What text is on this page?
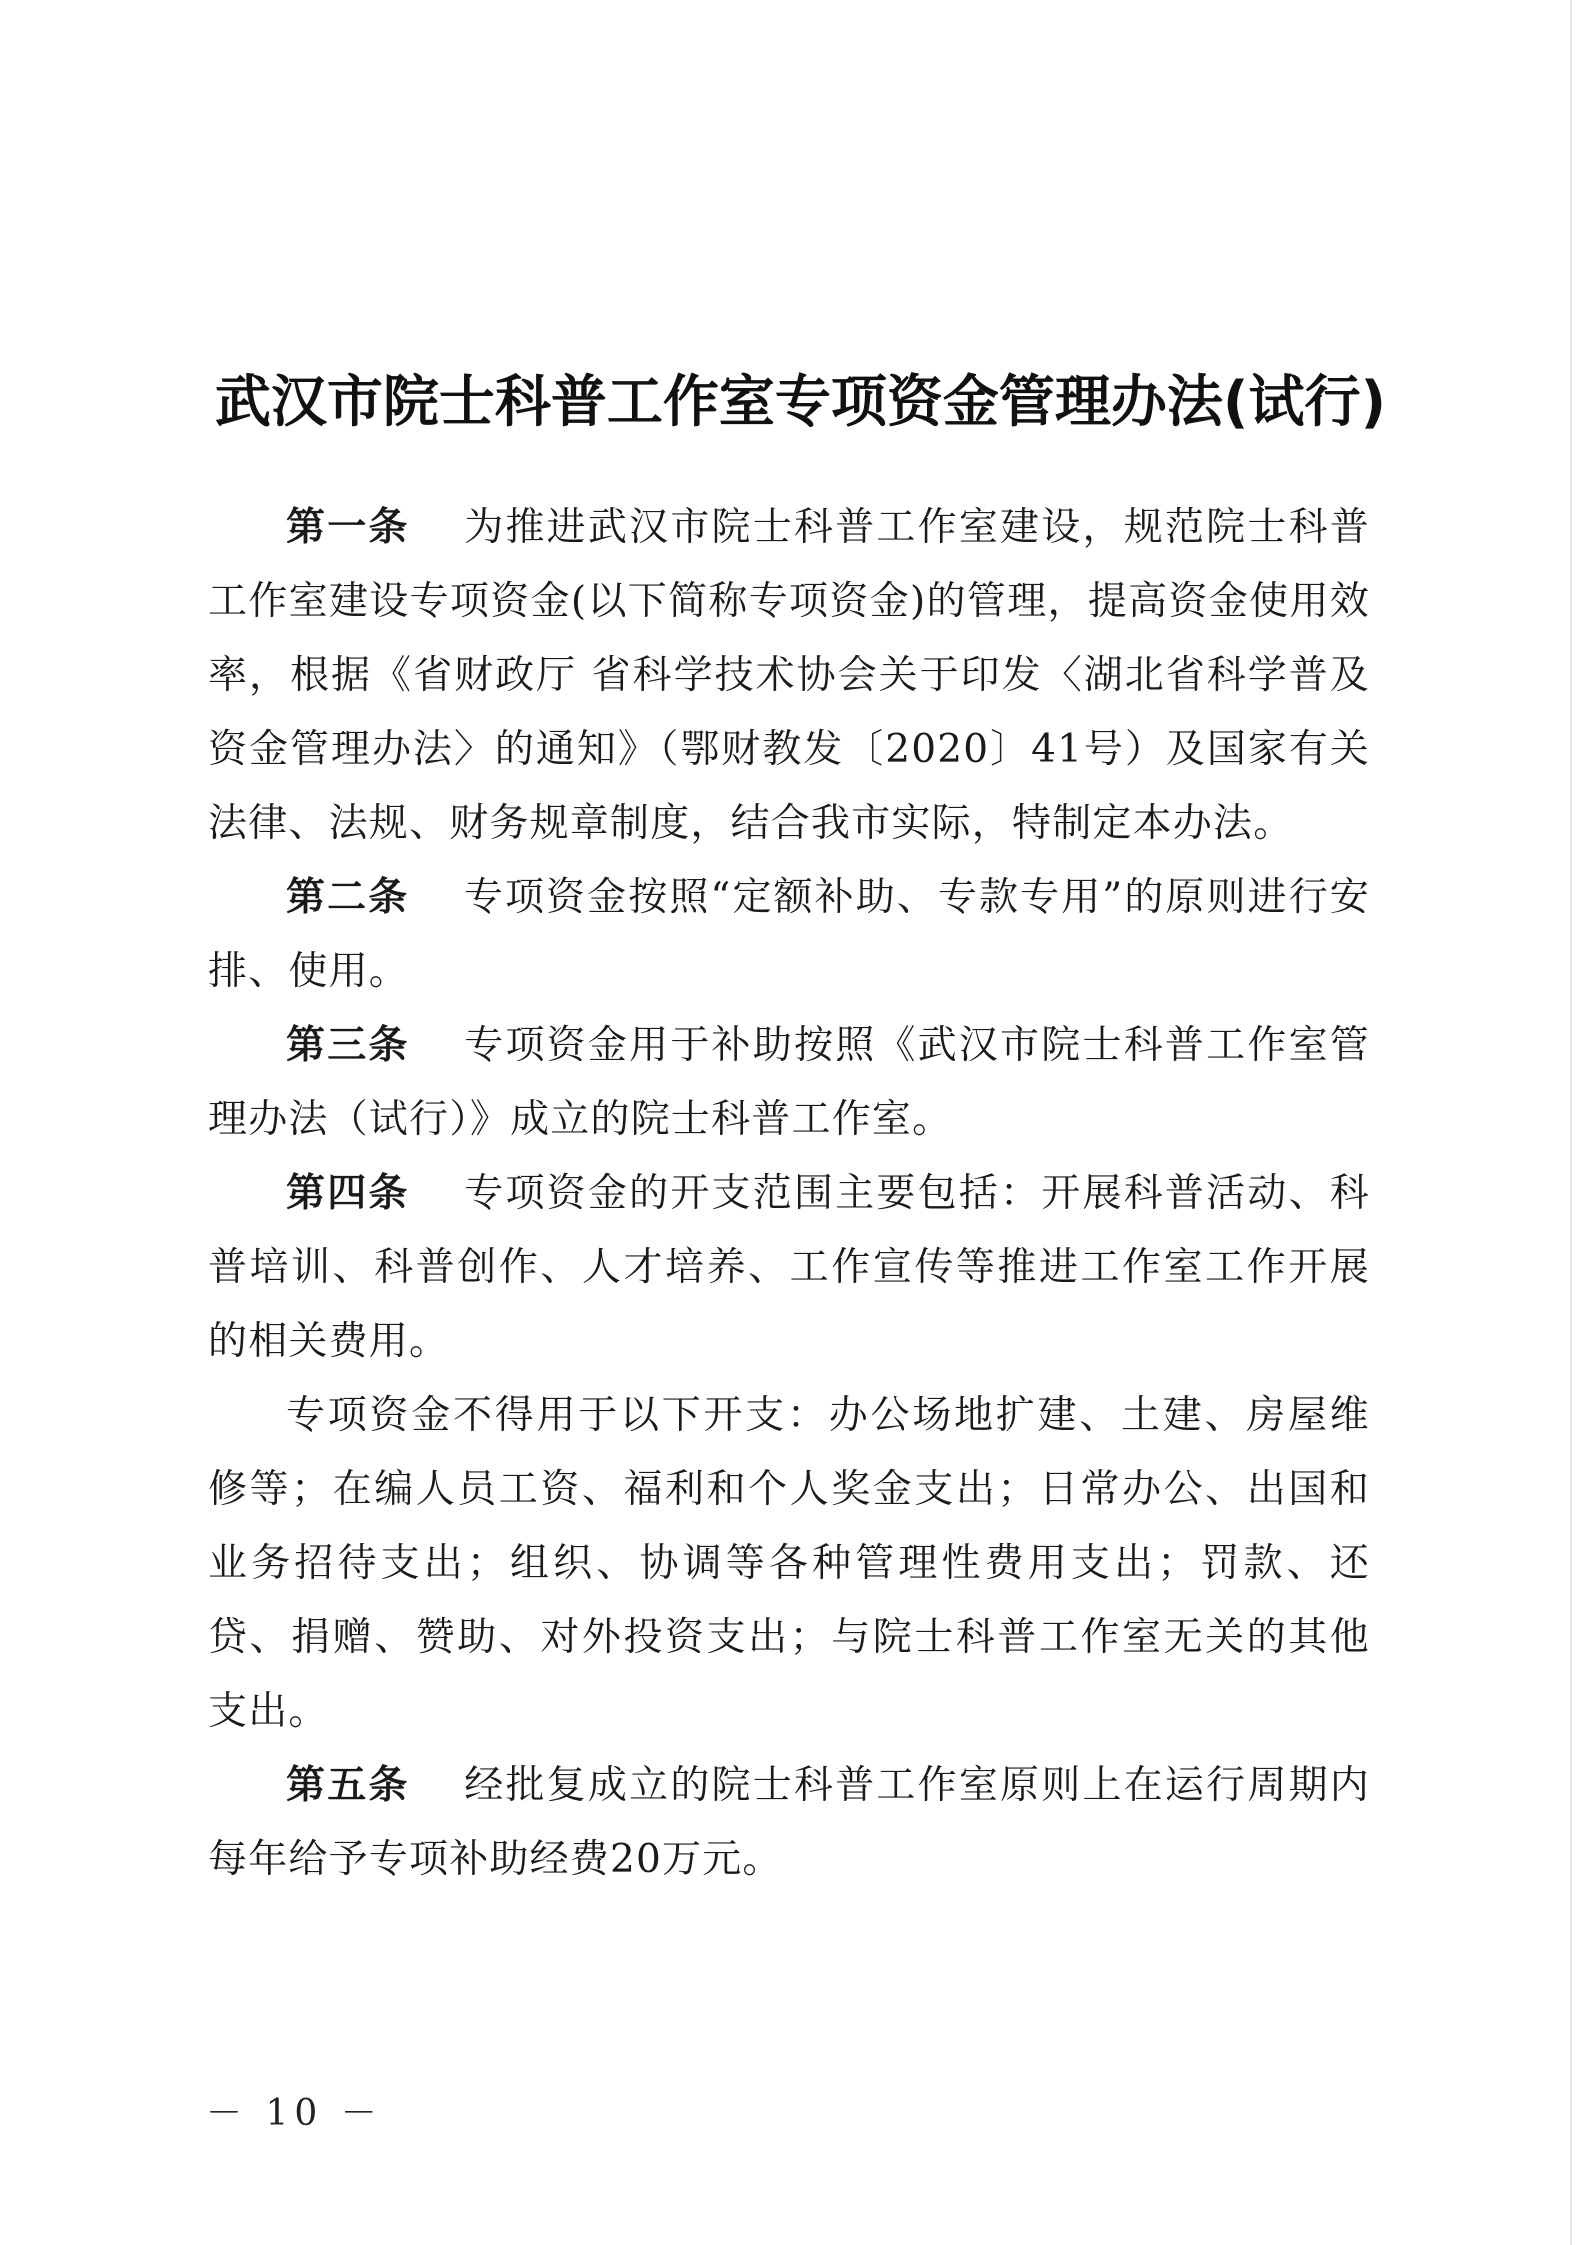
武汉市院士科普工作室专项资金管理办法(试行)

第一条 为推进武汉市院士科普工作室建设，规范院士科普工作室建设专项资金(以下简称专项资金)的管理，提高资金使用效率，根据《省财政厅 省科学技术协会关于印发〈湖北省科学普及资金管理办法〉的通知》（鄂财教发〔2020〕41号）及国家有关法律、法规、财务规章制度，结合我市实际，特制定本办法。

第二条 专项资金按照“定额补助、专款专用”的原则进行安排、使用。

第三条 专项资金用于补助按照《武汉市院士科普工作室管理办法（试行）》成立的院士科普工作室。

第四条 专项资金的开支范围主要包括：开展科普活动、科普培训、科普创作、人才培养、工作宣传等推进工作室工作开展的相关费用。

专项资金不得用于以下开支：办公场地扩建、土建、房屋维修等；在编人员工资、福利和个人奖金支出；日常办公、出国和业务招待支出；组织、协调等各种管理性费用支出；罚款、还贷、捐赠、赞助、对外投资支出；与院士科普工作室无关的其他支出。

第五条 经批复成立的院士科普工作室原则上在运行周期内每年给予专项补助经费20万元。

－ 10 －
